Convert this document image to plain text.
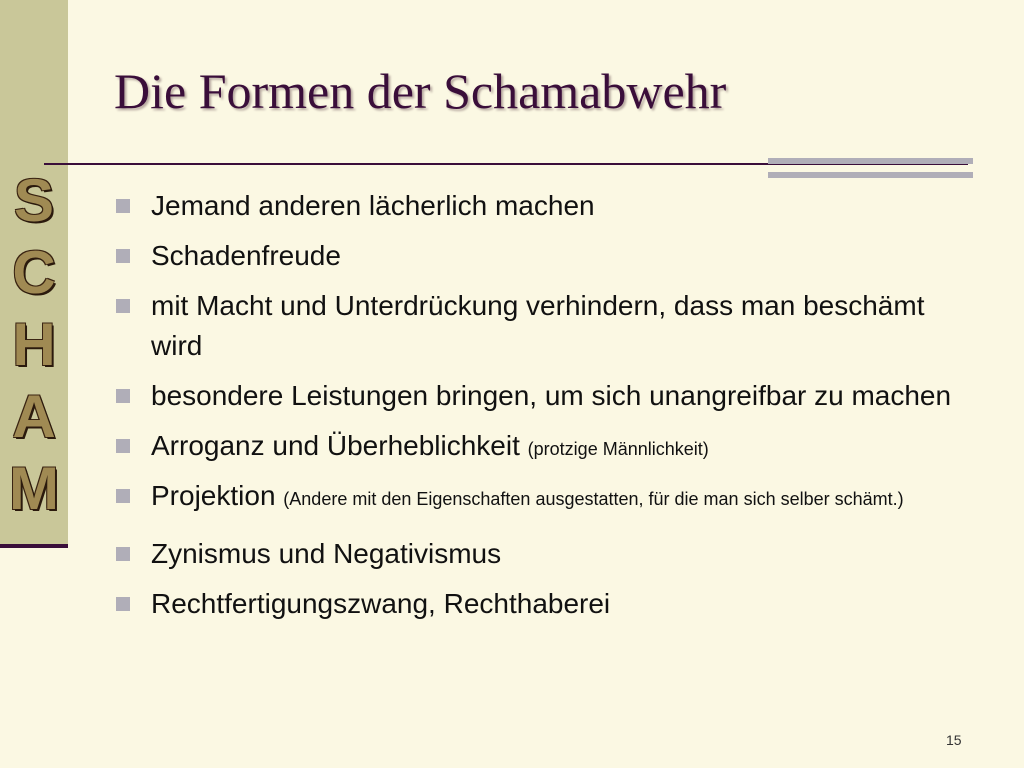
S
C
H
A
M
Die Formen der Schamabwehr
Jemand anderen lächerlich machen
Schadenfreude
mit Macht und Unterdrückung verhindern, dass man beschämt wird
besondere Leistungen bringen, um sich unangreifbar zu machen
Arroganz und Überheblichkeit (protzige Männlichkeit)
Projektion (Andere mit den Eigenschaften ausgestatten, für die man sich selber schämt.)
Zynismus und Negativismus
Rechtfertigungszwang, Rechthaberei
15
